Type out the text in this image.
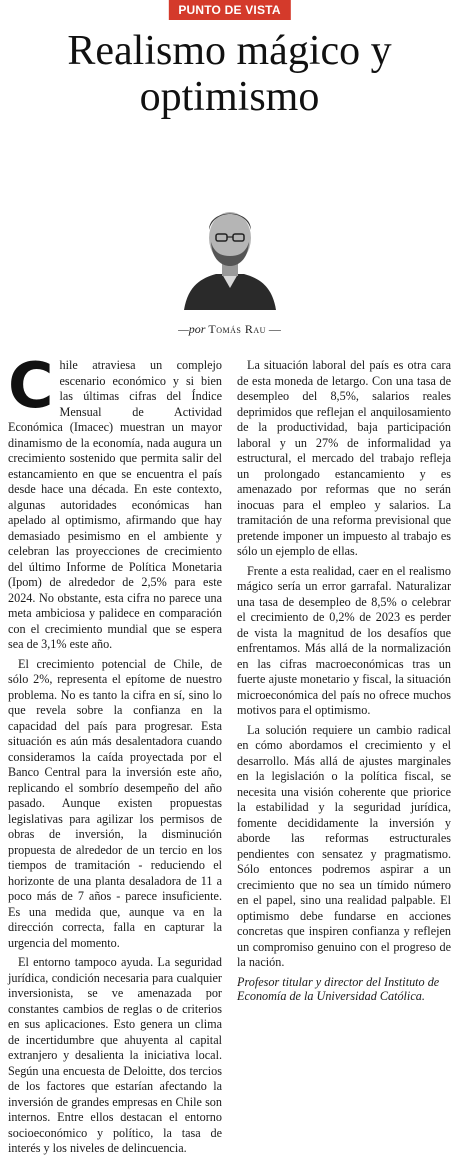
PUNTO DE VISTA
Realismo mágico y optimismo
—por Tomás Rau —

Chile atraviesa un complejo escenario económico y si bien las últimas cifras del Índice Mensual de Actividad Económica (Imacec) muestran un mayor dinamismo de la economía, nada augura un crecimiento sostenido que permita salir del estancamiento en que se encuentra el país desde hace una década. En este contexto, algunas autoridades económicas han apelado al optimismo, afirmando que hay demasiado pesimismo en el ambiente y celebran las proyecciones de crecimiento del último Informe de Política Monetaria (Ipom) de alrededor de 2,5% para este 2024. No obstante, esta cifra no parece una meta ambiciosa y palidece en comparación con el crecimiento mundial que se espera sea de 3,1% este año.

El crecimiento potencial de Chile, de sólo 2%, representa el epítome de nuestro problema. No es tanto la cifra en sí, sino lo que revela sobre la confianza en la capacidad del país para progresar. Esta situación es aún más desalentadora cuando consideramos la caída proyectada por el Banco Central para la inversión este año, replicando el sombrío desempeño del año pasado. Aunque existen propuestas legislativas para agilizar los permisos de obras de inversión, la disminución propuesta de alrededor de un tercio en los tiempos de tramitación - reduciendo el horizonte de una planta desaladora de 11 a poco más de 7 años - parece insuficiente. Es una medida que, aunque va en la dirección correcta, falla en capturar la urgencia del momento.

El entorno tampoco ayuda. La seguridad jurídica, condición necesaria para cualquier inversionista, se ve amenazada por constantes cambios de reglas o de criterios en sus aplicaciones. Esto genera un clima de incertidumbre que ahuyenta al capital extranjero y desalienta la iniciativa local. Según una encuesta de Deloitte, dos tercios de los factores que estarían afectando la inversión de grandes empresas en Chile son internos. Entre ellos destacan el entorno socioeconómico y político, la tasa de interés y los niveles de delincuencia.

La situación laboral del país es otra cara de esta moneda de letargo. Con una tasa de desempleo del 8,5%, salarios reales deprimidos que reflejan el anquilosamiento de la productividad, baja participación laboral y un 27% de informalidad ya estructural, el mercado del trabajo refleja un prolongado estancamiento y es amenazado por reformas que no serán inocuas para el empleo y salarios. La tramitación de una reforma previsional que pretende imponer un impuesto al trabajo es sólo un ejemplo de ellas.

Frente a esta realidad, caer en el realismo mágico sería un error garrafal. Naturalizar una tasa de desempleo de 8,5% o celebrar el crecimiento de 0,2% de 2023 es perder de vista la magnitud de los desafíos que enfrentamos. Más allá de la normalización en las cifras macroeconómicas tras un fuerte ajuste monetario y fiscal, la situación microeconómica del país no ofrece muchos motivos para el optimismo.

La solución requiere un cambio radical en cómo abordamos el crecimiento y el desarrollo. Más allá de ajustes marginales en la legislación o la política fiscal, se necesita una visión coherente que priorice la estabilidad y la seguridad jurídica, fomente decididamente la inversión y aborde las reformas estructurales pendientes con sensatez y pragmatismo. Sólo entonces podremos aspirar a un crecimiento que no sea un tímido número en el papel, sino una realidad palpable. El optimismo debe fundarse en acciones concretas que inspiren confianza y reflejen un compromiso genuino con el progreso de la nación.

Profesor titular y director del Instituto de Economía de la Universidad Católica.
